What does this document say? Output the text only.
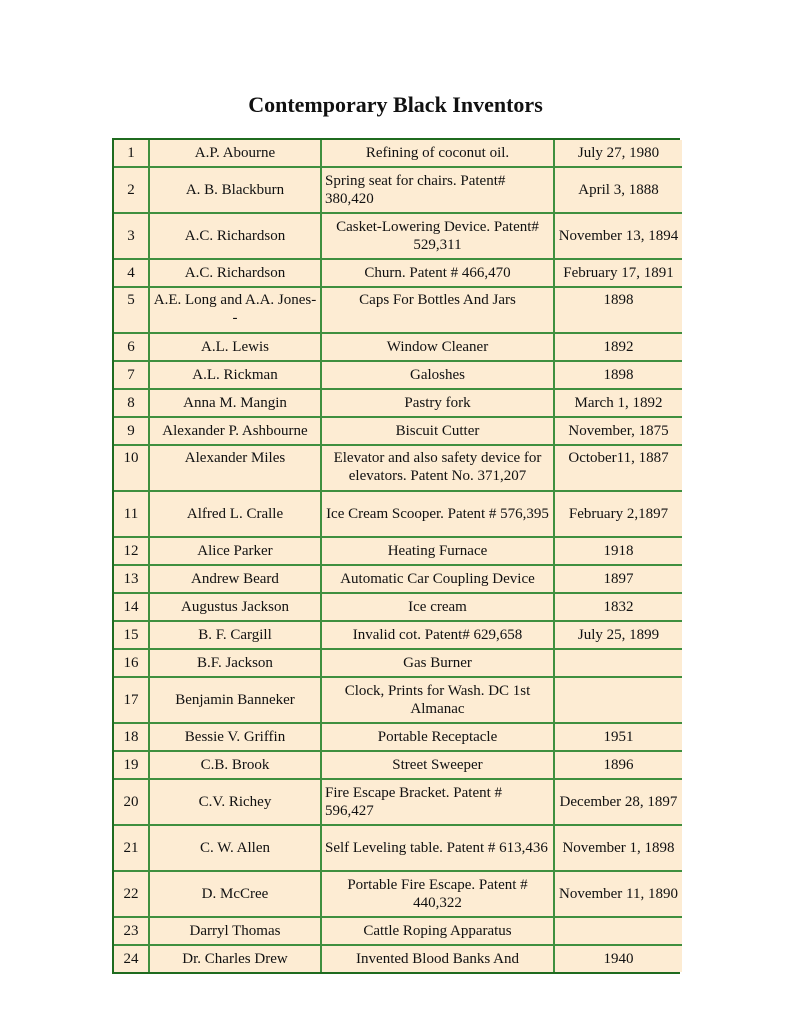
Contemporary Black Inventors
1	A.P. Abourne	Refining of coconut oil.	July 27, 1980
2	A. B. Blackburn	Spring seat for chairs. Patent# 380,420	April 3, 1888
3	A.C. Richardson	Casket-Lowering Device. Patent# 529,311	November 13, 1894
4	A.C. Richardson	Churn. Patent # 466,470	February 17, 1891
5	A.E. Long and A.A. Jones--	Caps For Bottles And Jars	1898
6	A.L. Lewis	Window Cleaner	1892
7	A.L. Rickman	Galoshes	1898
8	Anna M. Mangin	Pastry fork	March 1, 1892
9	Alexander P. Ashbourne	Biscuit Cutter	November, 1875
10	Alexander Miles	Elevator and also safety device for elevators. Patent No. 371,207	October11, 1887
11	Alfred L. Cralle	Ice Cream Scooper. Patent # 576,395	February 2,1897
12	Alice Parker	Heating Furnace	1918
13	Andrew Beard	Automatic Car Coupling Device	1897
14	Augustus Jackson	Ice cream	1832
15	B. F. Cargill	Invalid cot. Patent# 629,658	July 25, 1899
16	B.F. Jackson	Gas Burner	
17	Benjamin Banneker	Clock, Prints for Wash. DC 1st Almanac	
18	Bessie V. Griffin	Portable Receptacle	1951
19	C.B. Brook	Street Sweeper	1896
20	C.V. Richey	Fire Escape Bracket. Patent # 596,427	December 28, 1897
21	C. W. Allen	Self Leveling table. Patent # 613,436	November 1, 1898
22	D. McCree	Portable Fire Escape. Patent # 440,322	November 11, 1890
23	Darryl Thomas	Cattle Roping Apparatus	
24	Dr. Charles Drew	Invented Blood Banks And	1940
